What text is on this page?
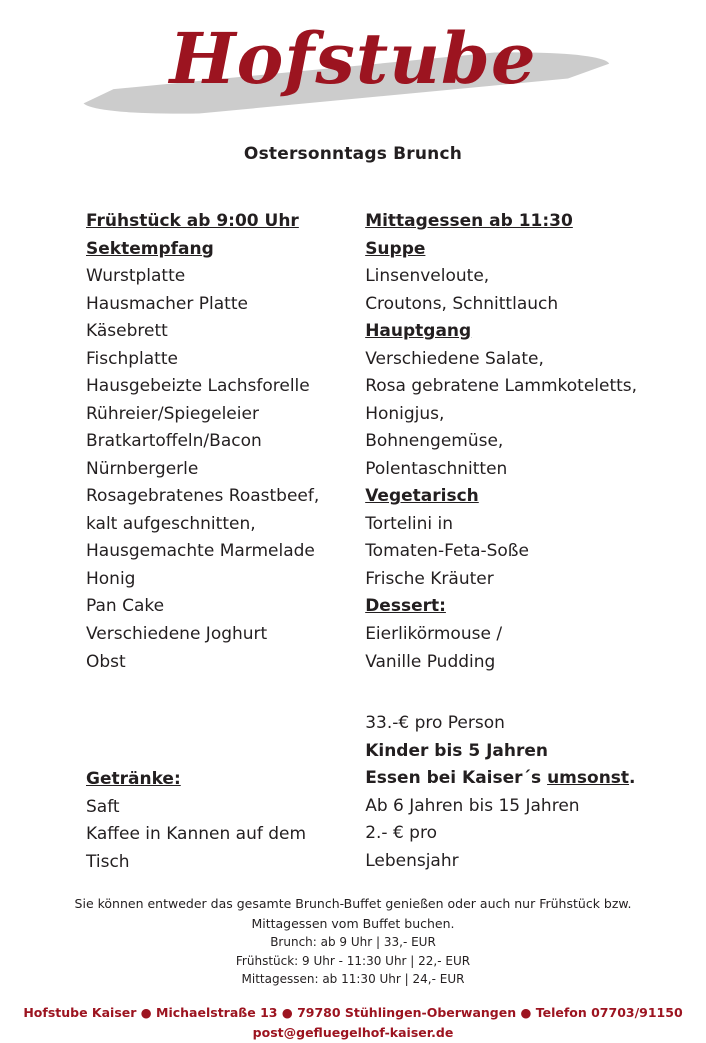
Hofstube
Ostersonntags Brunch
Frühstück ab 9:00 Uhr
Sektempfang
Wurstplatte
Hausmacher Platte
Käsebrett
Fischplatte
Hausgebeizte Lachsforelle
Rühreier/Spiegeleier
Bratkartoffeln/Bacon
Nürnbergerle
Rosagebratenes Roastbeef,
kalt aufgeschnitten,
Hausgemachte Marmelade
Honig
Pan Cake
Verschiedene Joghurt
Obst
Getränke:
Saft
Kaffee in Kannen auf dem
Tisch
Mittagessen ab 11:30
Suppe
Linsenveloute,
Croutons, Schnittlauch
Hauptgang
Verschiedene Salate,
Rosa gebratene Lammkoteletts,
Honigjus,
Bohnengemüse,
Polentaschnitten
Vegetarisch
Tortelini in
Tomaten-Feta-Soße
Frische Kräuter
Dessert:
Eierlikörmouse /
Vanille Pudding
33.-€ pro Person
Kinder bis 5 Jahren
Essen bei Kaiser´s umsonst.
Ab 6 Jahren bis 15 Jahren
2.- € pro
Lebensjahr
Sie können entweder das gesamte Brunch-Buffet genießen oder auch nur Frühstück bzw.
Mittagessen vom Buffet buchen.
Brunch: ab 9 Uhr | 33,- EUR
Frühstück: 9 Uhr - 11:30 Uhr | 22,- EUR
Mittagessen: ab 11:30 Uhr | 24,- EUR
Hofstube Kaiser ● Michaelstraße 13 ● 79780 Stühlingen-Oberwangen ● Telefon 07703/91150
post@gefluegelhof-kaiser.de
